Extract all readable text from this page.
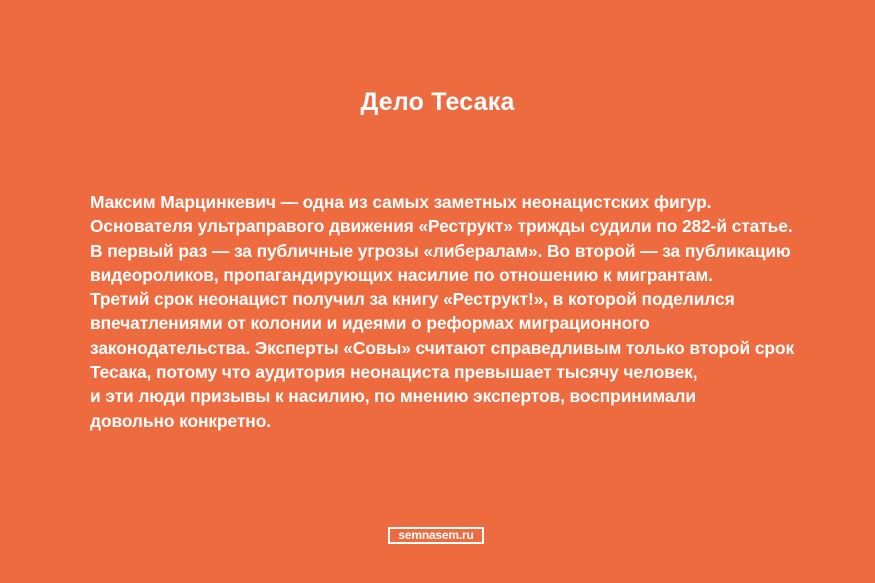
Дело Тесака
Максим Марцинкевич — одна из самых заметных неонацистских фигур.
Основателя ультраправого движения «Реструкт» трижды судили по 282-й статье.
В первый раз — за публичные угрозы «либералам». Во второй — за публикацию
видеороликов, пропагандирующих насилие по отношению к мигрантам.
Третий срок неонацист получил за книгу «Реструкт!», в которой поделился
впечатлениями от колонии и идеями о реформах миграционного
законодательства. Эксперты «Совы» считают справедливым только второй срок
Тесака, потому что аудитория неонациста превышает тысячу человек,
и эти люди призывы к насилию, по мнению экспертов, воспринимали
довольно конкретно.
semnasem.ru
